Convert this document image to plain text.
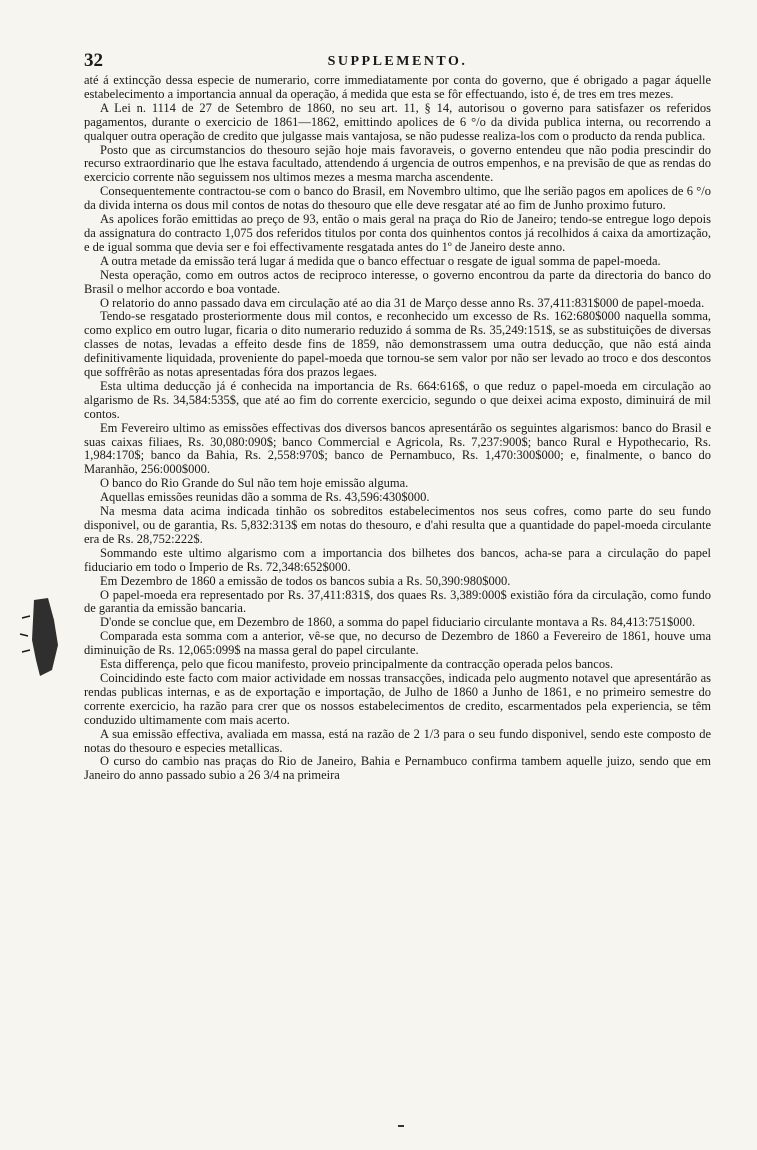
32	SUPPLEMENTO.

até á extincção dessa especie de numerario, corre immediatamente por conta do governo, que é obrigado a pagar áquelle estabelecimento a importancia annual da operação, á medida que esta se fôr effectuando, isto é, de tres em tres mezes.

A Lei n. 1114 de 27 de Setembro de 1860, no seu art. 11, § 14, autorisou o governo para satisfazer os referidos pagamentos, durante o exercicio de 1861—1862, emittindo apolices de 6 °/o da divida publica interna, ou recorrendo a qualquer outra operação de credito que julgasse mais vantajosa, se não pudesse realiza-los com o producto da renda publica.

Posto que as circumstancios do thesouro sejão hoje mais favoraveis, o governo entendeu que não podia prescindir do recurso extraordinario que lhe estava facultado, attendendo á urgencia de outros empenhos, e na previsão de que as rendas do exercicio corrente não seguissem nos ultimos mezes a mesma marcha ascendente.

Consequentemente contractou-se com o banco do Brasil, em Novembro ultimo, que lhe serião pagos em apolices de 6 °/o da divida interna os dous mil contos de notas do thesouro que elle deve resgatar até ao fim de Junho proximo futuro.

As apolices forão emittidas ao preço de 93, então o mais geral na praça do Rio de Janeiro; tendo-se entregue logo depois da assignatura do contracto 1,075 dos referidos titulos por conta dos quinhentos contos já recolhidos á caixa da amortização, e de igual somma que devia ser e foi effectivamente resgatada antes do 1º de Janeiro deste anno.

A outra metade da emissão terá lugar á medida que o banco effectuar o resgate de igual somma de papel-moeda.

Nesta operação, como em outros actos de reciproco interesse, o governo encontrou da parte da directoria do banco do Brasil o melhor accordo e boa vontade.

O relatorio do anno passado dava em circulação até ao dia 31 de Março desse anno Rs. 37,411:831$000 de papel-moeda.

Tendo-se resgatado prosteriormente dous mil contos, e reconhecido um excesso de Rs. 162:680$000 naquella somma, como explico em outro lugar, ficaria o dito numerario reduzido á somma de Rs. 35,249:151$, se as substituições de diversas classes de notas, levadas a effeito desde fins de 1859, não demonstrassem uma outra deducção, que não está ainda definitivamente liquidada, proveniente do papel-moeda que tornou-se sem valor por não ser levado ao troco e dos descontos que soffrêrão as notas apresentadas fóra dos prazos legaes.

Esta ultima deducção já é conhecida na importancia de Rs. 664:616$, o que reduz o papel-moeda em circulação ao algarismo de Rs. 34,584:535$, que até ao fim do corrente exercicio, segundo o que deixei acima exposto, diminuirá de mil contos.

Em Fevereiro ultimo as emissões effectivas dos diversos bancos apresentárão os seguintes algarismos: banco do Brasil e suas caixas filiaes, Rs. 30,080:090$; banco Commercial e Agricola, Rs. 7,237:900$; banco Rural e Hypothecario, Rs. 1,984:170$; banco da Bahia, Rs. 2,558:970$; banco de Pernambuco, Rs. 1,470:300$000; e, finalmente, o banco do Maranhão, 256:000$000.

O banco do Rio Grande do Sul não tem hoje emissão alguma.

Aquellas emissões reunidas dão a somma de Rs. 43,596:430$000.

Na mesma data acima indicada tinhão os sobreditos estabelecimentos nos seus cofres, como parte do seu fundo disponivel, ou de garantia, Rs. 5,832:313$ em notas do thesouro, e d'ahi resulta que a quantidade do papel-moeda circulante era de Rs. 28,752:222$.

Sommando este ultimo algarismo com a importancia dos bilhetes dos bancos, acha-se para a circulação do papel fiduciario em todo o Imperio de Rs. 72,348:652$000.

Em Dezembro de 1860 a emissão de todos os bancos subia a Rs. 50,390:980$000.

O papel-moeda era representado por Rs. 37,411:831$, dos quaes Rs. 3,389:000$ existião fóra da circulação, como fundo de garantia da emissão bancaria.

D'onde se conclue que, em Dezembro de 1860, a somma do papel fiduciario circulante montava a Rs. 84,413:751$000.

Comparada esta somma com a anterior, vê-se que, no decurso de Dezembro de 1860 a Fevereiro de 1861, houve uma diminuição de Rs. 12,065:099$ na massa geral do papel circulante.

Esta differença, pelo que ficou manifesto, proveio principalmente da contracção operada pelos bancos.

Coincidindo este facto com maior actividade em nossas transacções, indicada pelo augmento notavel que apresentárão as rendas publicas internas, e as de exportação e importação, de Julho de 1860 a Junho de 1861, e no primeiro semestre do corrente exercicio, ha razão para crer que os nossos estabelecimentos de credito, escarmentados pela experiencia, se têm conduzido ultimamente com mais acerto.

A sua emissão effectiva, avaliada em massa, está na razão de 2 1/3 para o seu fundo disponivel, sendo este composto de notas do thesouro e especies metallicas.

O curso do cambio nas praças do Rio de Janeiro, Bahia e Pernambuco confirma tambem aquelle juizo, sendo que em Janeiro do anno passado subio a 26 3/4 na primeira
